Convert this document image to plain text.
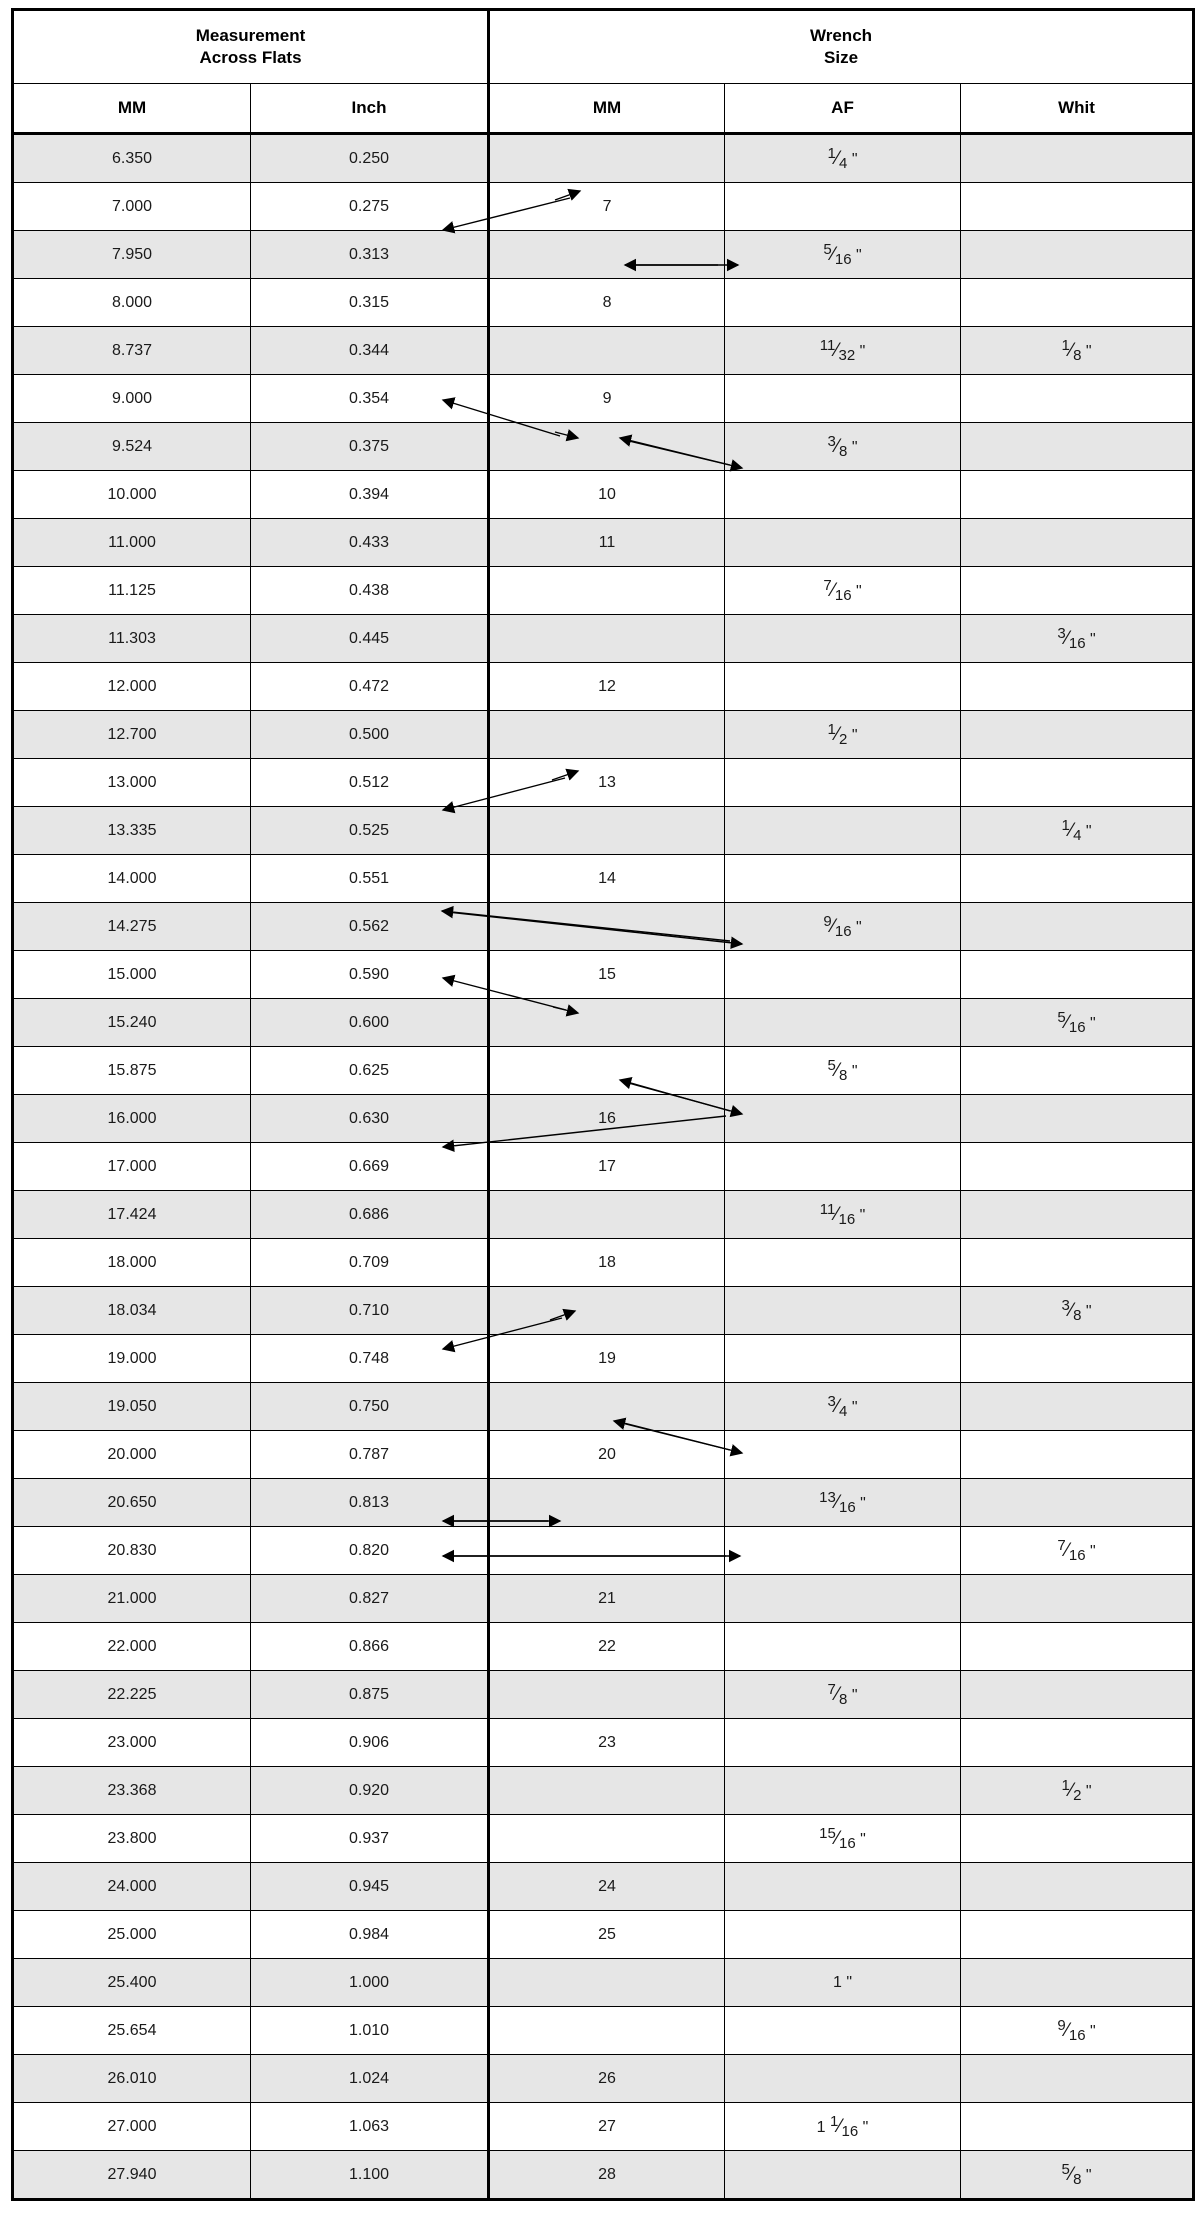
Measurement
Across Flats

Wrench
Size

MM	Inch	MM	AF	Whit
6.350	0.250		1⁄4 "	
7.000	0.275	7		
7.950	0.313		5⁄16 "	
8.000	0.315	8		
8.737	0.344		11⁄32 "	1⁄8 "
9.000	0.354	9		
9.524	0.375		3⁄8 "	
10.000	0.394	10		
11.000	0.433	11		
11.125	0.438		7⁄16 "	
11.303	0.445			3⁄16 "
12.000	0.472	12		
12.700	0.500		1⁄2 "	
13.000	0.512	13		
13.335	0.525			1⁄4 "
14.000	0.551	14		
14.275	0.562		9⁄16 "	
15.000	0.590	15		
15.240	0.600			5⁄16 "
15.875	0.625		5⁄8 "	
16.000	0.630	16		
17.000	0.669	17		
17.424	0.686		11⁄16 "	
18.000	0.709	18		
18.034	0.710			3⁄8 "
19.000	0.748	19		
19.050	0.750		3⁄4 "	
20.000	0.787	20		
20.650	0.813		13⁄16 "	
20.830	0.820			7⁄16 "
21.000	0.827	21		
22.000	0.866	22		
22.225	0.875		7⁄8 "	
23.000	0.906	23		
23.368	0.920			1⁄2 "
23.800	0.937		15⁄16 "	
24.000	0.945	24		
25.000	0.984	25		
25.400	1.000		1 "	
25.654	1.010			9⁄16 "
26.010	1.024	26		
27.000	1.063	27	1 1⁄16 "	
27.940	1.100	28		5⁄8 "
